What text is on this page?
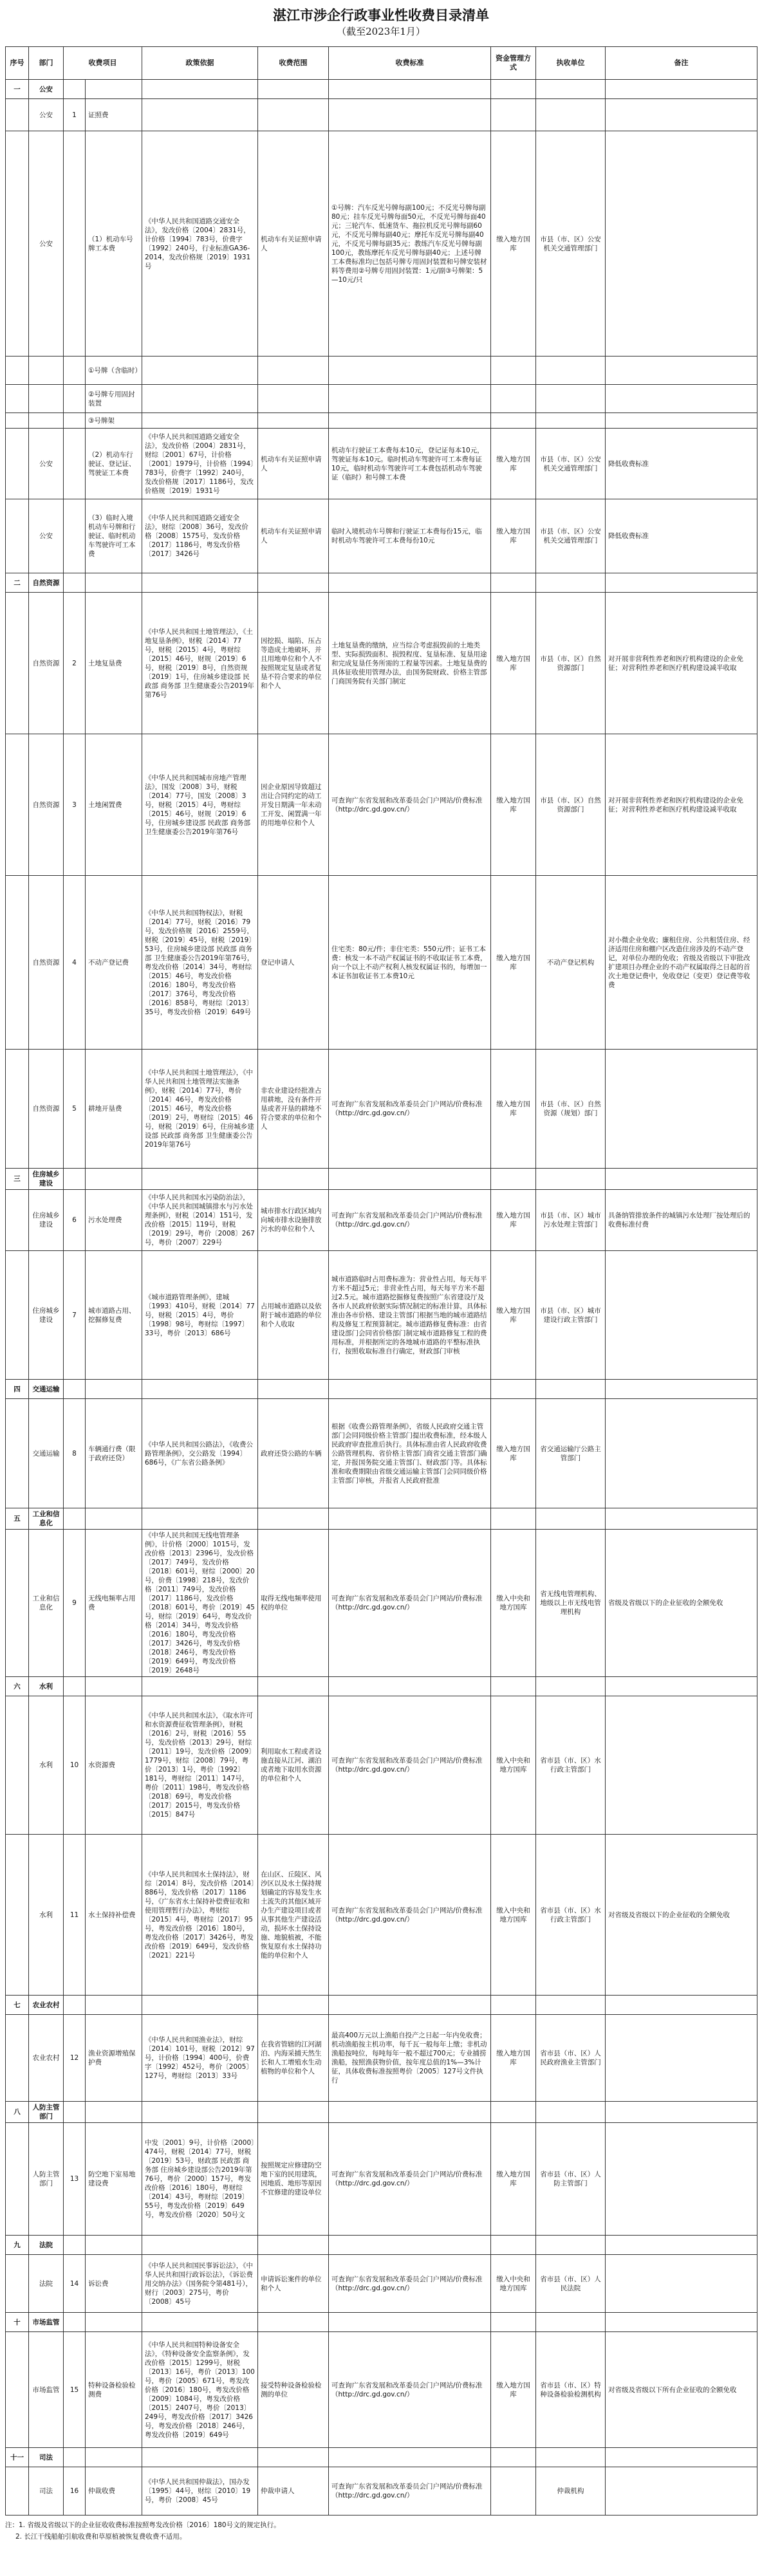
湛江市涉企行政事业性收费目录清单
（截至2023年1月）
序号	部门	收费项目		政策依据	收费范围	收费标准	资金管理方式	执收单位	备注
一	公安								
	公安	1	证照费						
	公安		（1）机动车号牌工本费	《中华人民共和国道路交通安全法》，发改价格〔2004〕2831号，计价格〔1994〕783号，价费字〔1992〕240号，行业标准GA36-2014，发改价格规〔2019〕1931号	机动车有关证照申请人	①号牌：汽车反光号牌每副100元；不反光号牌每副80元；挂车反光号牌每面50元，不反光号牌每面40元；三轮汽车、低速货车、拖拉机反光号牌每副60元，不反光号牌每副40元；摩托车反光号牌每副40元，不反光号牌每副35元；教练汽车反光号牌每副100元，教练摩托车反光号牌每副40元；上述号牌工本费标准均已包括号牌专用固封装置和号牌安装材料等费用②号牌专用固封装置：1元/副③号牌架：5—10元/只	缴入地方国库	市县（市、区）公安机关交通管理部门	
			①号牌（含临时）						
			②号牌专用固封装置						
			③号牌架						
	公安		（2）机动车行驶证、登记证、驾驶证工本费	《中华人民共和国道路交通安全法》，发改价格〔2004〕2831号，财综〔2001〕67号，计价格〔2001〕1979号，计价格〔1994〕783号，价费字〔1992〕240号，发改价格规〔2017〕1186号，发改价格规〔2019〕1931号	机动车有关证照申请人	机动车行驶证工本费每本10元，登记证每本10元，驾驶证每本10元。临时机动车驾驶许可工本费每证10元，临时机动车驾驶许可工本费包括机动车驾驶证（临时）和号牌工本费	缴入地方国库	市县（市、区）公安机关交通管理部门	降低收费标准
	公安		（3）临时入境机动车号牌和行驶证、临时机动车驾驶许可工本费	《中华人民共和国道路交通安全法》，财综〔2008〕36号，发改价格〔2008〕1575号，发改价格〔2017〕1186号，粤发改价格〔2017〕3426号	机动车有关证照申请人	临时入境机动车号牌和行驶证工本费每份15元，临时机动车驾驶许可工本费每份10元	缴入地方国库	市县（市、区）公安机关交通管理部门	降低收费标准
二	自然资源								
	自然资源	2	土地复垦费	《中华人民共和国土地管理法》，《土地复垦条例》，财税〔2014〕77号，财税〔2015〕4号，粤财综〔2015〕46号，财规〔2019〕6号，财税〔2019〕8号，自然资规〔2019〕1号，住房城乡建设部 民政部 商务部 卫生健康委公告2019年第76号	因挖损、塌陷、压占等造成土地破坏，并且用地单位和个人不按照规定复垦或者复垦不符合要求的单位和个人	土地复垦费的缴纳，应当综合考虑损毁前的土地类型、实际损毁面积、损毁程度、复垦标准、复垦用途和完成复垦任务所需的工程量等因素。土地复垦费的具体征收使用管理办法，由国务院财政、价格主管部门商国务院有关部门制定	缴入地方国库	市县（市、区）自然资源部门	对开展非营利性养老和医疗机构建设的企业免征；对营利性养老和医疗机构建设减半收取
	自然资源	3	土地闲置费	《中华人民共和国城市房地产管理法》，国发〔2008〕3号，财税〔2014〕77号，国发〔2008〕3号，财税〔2015〕4号，粤财综〔2015〕46号，财规〔2019〕6号，住房城乡建设部 民政部 商务部 卫生健康委公告2019年第76号	因企业原因导致超过出让合同约定的动工开发日期满一年未动工开发、闲置满一年的用地单位和个人	可查询广东省发展和改革委员会门户网站/价费标准（http://drc.gd.gov.cn/）	缴入地方国库	市县（市、区）自然资源部门	对开展非营利性养老和医疗机构建设的企业免征；对营利性养老和医疗机构建设减半收取
	自然资源	4	不动产登记费	《中华人民共和国物权法》，财税〔2014〕77号，财税〔2016〕79号，发改价格规〔2016〕2559号，财税〔2019〕45号，财税〔2019〕53号，住房城乡建设部 民政部 商务部 卫生健康委公告2019年第76号，粤发改价格〔2014〕34号，粤财综〔2015〕46号，粤发改价格〔2016〕180号，粤发改价格〔2017〕376号，粤发改价格〔2016〕858号，粤财综〔2013〕35号，粤发改价格〔2019〕649号	登记申请人	住宅类：80元/件；非住宅类：550元/件；证书工本费：核发一本不动产权属证书的不收取证书工本费，向一个以上不动产权利人核发权属证书的，每增加一本证书加收证书工本费10元	缴入地方国库	不动产登记机构	对小微企业免收；廉租住房、公共租赁住房、经济适用住房和棚户区改造住房涉及的不动产登记，对单位办理的免收；省级及省级以下审批改扩建项目办理企业的不动产权属取得之日起的首次土地登记费中，免收登记（变更）登记费等收费
	自然资源	5	耕地开垦费	《中华人民共和国土地管理法》，《中华人民共和国土地管理法实施条例》，财税〔2014〕77号，粤价〔2014〕46号，粤发改价格〔2015〕46号，粤发改价格〔2019〕2号，粤财综〔2015〕46号，财税〔2019〕6号，住房城乡建设部 民政部 商务部 卫生健康委公告2019年第76号	非农业建设经批准占用耕地，没有条件开垦或者开垦的耕地不符合要求的单位和个人	可查询广东省发展和改革委员会门户网站/价费标准（http://drc.gd.gov.cn/）	缴入地方国库	市县（市、区）自然资源（规划）部门	
三	住房城乡建设								
	住房城乡建设	6	污水处理费	《中华人民共和国水污染防治法》，《中华人民共和国城镇排水与污水处理条例》，财税〔2014〕151号，发改价格〔2015〕119号，财税〔2019〕29号，粤价〔2008〕267号，粤价〔2007〕229号	城市排水行政区域内向城市排水设施排放污水的单位和个人	可查询广东省发展和改革委员会门户网站/价费标准（http://drc.gd.gov.cn/）	缴入地方国库	市县（市、区）城市污水处理主管部门	具备纳管排放条件的城镇污水处理厂按处理后的收费标准付费
	住房城乡建设	7	城市道路占用、挖掘修复费	《城市道路管理条例》，建城〔1993〕410号，财税〔2014〕77号，财税〔2015〕4号，粤价〔1998〕98号，粤财综〔1997〕33号，粤价〔2013〕686号	占用城市道路以及依附于城市道路的单位和个人收取	城市道路临时占用费标准为：营业性占用，每天每平方米不超过5元；非营业性占用，每天每平方米不超过2.5元。城市道路挖掘修复费按照广东省建设厅及各市人民政府依据实际情况制定的标准计算，具体标准由各市价格、建设主管部门根据当地的城市道路结构及修复工程预算制定。城市道路修复费标准：由省建设部门会同省价格部门制定城市道路修复工程的费用标准，并根据所定的各地城市道路的平整标准执行，按照收取标准自行确定，财政部门审核	缴入地方国库	市县（市、区）城市建设行政主管部门	
四	交通运输								
	交通运输	8	车辆通行费（限于政府还贷）	《中华人民共和国公路法》，《收费公路管理条例》，交公路发〔1994〕686号，《广东省公路条例》	政府还贷公路的车辆	根据《收费公路管理条例》，省级人民政府交通主管部门会同同级价格主管部门提出收费标准，经本级人民政府审查批准后执行。具体标准由省人民政府收费公路管理机构、省价格主管部门商省交通主管部门确定，并报国务院交通主管部门、财政部门等。具体标准和收费期限由省级交通运输主管部门会同同级价格主管部门审核，并报省人民政府批准	缴入地方国库	省交通运输厅公路主管部门	
五	工业和信息化								
	工业和信息化	9	无线电频率占用费	《中华人民共和国无线电管理条例》，计价格〔2000〕1015号，发改价格〔2013〕2396号，发改价格〔2017〕749号，发改价格〔2018〕601号，财综〔2000〕20号，价费〔1998〕218号，发改价格〔2011〕749号，发改价格〔2017〕1186号，发改价格〔2018〕601号，粤价〔2019〕45号，财综〔2019〕64号，粤发改价格〔2014〕34号，粤发改价格〔2016〕180号，粤发改价格〔2017〕3426号，粤发改价格〔2018〕246号，粤发改价格〔2019〕649号，粤发改价格〔2019〕2648号	取得无线电频率使用权的单位	可查询广东省发展和改革委员会门户网站/价费标准（http://drc.gd.gov.cn/）	缴入中央和地方国库	省无线电管理机构、地级以上市无线电管理机构	省级及省级以下的企业征收的全额免收
六	水利								
	水利	10	水资源费	《中华人民共和国水法》，《取水许可和水资源费征收管理条例》，财税〔2016〕2号，财税〔2016〕55号，发改价格〔2013〕29号，财综〔2011〕19号，发改价格〔2009〕1779号，财综〔2008〕79号，粤价〔2013〕1号，粤价〔1992〕181号，粤财综〔2011〕147号，粤价〔2011〕198号，粤发改价格〔2018〕69号，粤发改价格〔2017〕2015号，粤发改价格〔2015〕847号	利用取水工程或者设施直接从江河、湖泊或者地下取用水资源的单位和个人	可查询广东省发展和改革委员会门户网站/价费标准（http://drc.gd.gov.cn/）	缴入中央和地方国库	省市县（市、区）水行政主管部门	
	水利	11	水土保持补偿费	《中华人民共和国水土保持法》，财综〔2014〕8号，发改价格〔2014〕886号，发改价格〔2017〕1186号，《广东省水土保持补偿费征收和使用管理暂行办法》，粤财综〔2015〕4号，粤财综〔2017〕95号，粤发改价格〔2016〕180号，粤发改价格〔2017〕3426号，粤发改价格〔2019〕649号，发改价格〔2021〕221号	在山区、丘陵区、风沙区以及水土保持规划确定的容易发生水土流失的其他区域开办生产建设项目或者从事其他生产建设活动，损坏水土保持设施、地貌植被，不能恢复原有水土保持功能的单位和个人	可查询广东省发展和改革委员会门户网站/价费标准（http://drc.gd.gov.cn/）	缴入中央和地方国库	省市县（市、区）水行政主管部门	对省级及省级以下的企业征收的全额免收
七	农业农村								
	农业农村	12	渔业资源增殖保护费	《中华人民共和国渔业法》，财综〔2014〕101号，财税〔2012〕97号，计价格〔1994〕400号，价费字〔1992〕452号，粤价〔2005〕127号，粤财综〔2013〕33号	在我省管辖的江河湖泊、内海采捕天然生长和人工增殖水生动植物的单位和个人	最高400万元以上渔船自投产之日起一年内免收费；机动渔船按主机功率，每千瓦一般每年上缴；非机动渔船按吨位，每吨每年一般不超过700元；专业捕捞渔船，按照渔获物价值，按年度总值的1%—3%计征，具体收费标准按照粤价〔2005〕127号文件执行	缴入地方国库	省市县（市、区）人民政府渔业主管部门	
八	人防主管部门								
	人防主管部门	13	防空地下室易地建设费	中发〔2001〕9号，计价格〔2000〕474号，财税〔2014〕77号，财税〔2019〕53号，财政部 民政部 商务部 住房城乡建设部公告2019年第76号，粤价〔2000〕157号，粤发改价格〔2016〕180号，粤财综〔2014〕43号，粤财综〔2019〕55号，粤发改价格〔2019〕649号，粤发改价格〔2020〕50号文	按照规定应修建防空地下室的民用建筑，因地质、地形等原因不宜修建的建设单位	可查询广东省发展和改革委员会门户网站/价费标准（http://drc.gd.gov.cn/）	缴入地方国库	省市县（市、区）人防主管部门	
九	法院								
	法院	14	诉讼费	《中华人民共和国民事诉讼法》，《中华人民共和国行政诉讼法》，《诉讼费用交纳办法》（国务院令第481号），财行〔2003〕275号，粤价〔2008〕45号	申请诉讼案件的单位和个人	可查询广东省发展和改革委员会门户网站/价费标准（http://drc.gd.gov.cn/）	缴入中央和地方国库	省市县（市、区）人民法院	
十	市场监管								
	市场监管	15	特种设备检验检测费	《中华人民共和国特种设备安全法》，《特种设备安全监察条例》，发改价格〔2015〕1299号，财税〔2013〕16号，粤价〔2013〕100号，粤价〔2005〕671号，粤发改价格〔2016〕180号，粤发改价格〔2009〕1084号，粤发改价格〔2015〕2407号，粤价〔2013〕249号，粤发改价格〔2017〕3426号，粤发改价格〔2018〕246号，粤发改价格〔2019〕649号	接受特种设备检验检测的单位	可查询广东省发展和改革委员会门户网站/价费标准（http://drc.gd.gov.cn/）	缴入地方国库	省市县（市、区）特种设备检验检测机构	对省级及省级以下所有企业征收的全额免收
十一	司法								
	司法	16	仲裁收费	《中华人民共和国仲裁法》，国办发〔1995〕44号，财综〔2010〕19号，粤价〔2008〕45号	仲裁申请人	可查询广东省发展和改革委员会门户网站/价费标准（http://drc.gd.gov.cn/）		仲裁机构	
注：1. 省级及省级以下的企业征收收费标准按照粤发改价格〔2016〕180号文的规定执行。
2. 长江干线船舶引航收费和草原植被恢复费收费不适用。
